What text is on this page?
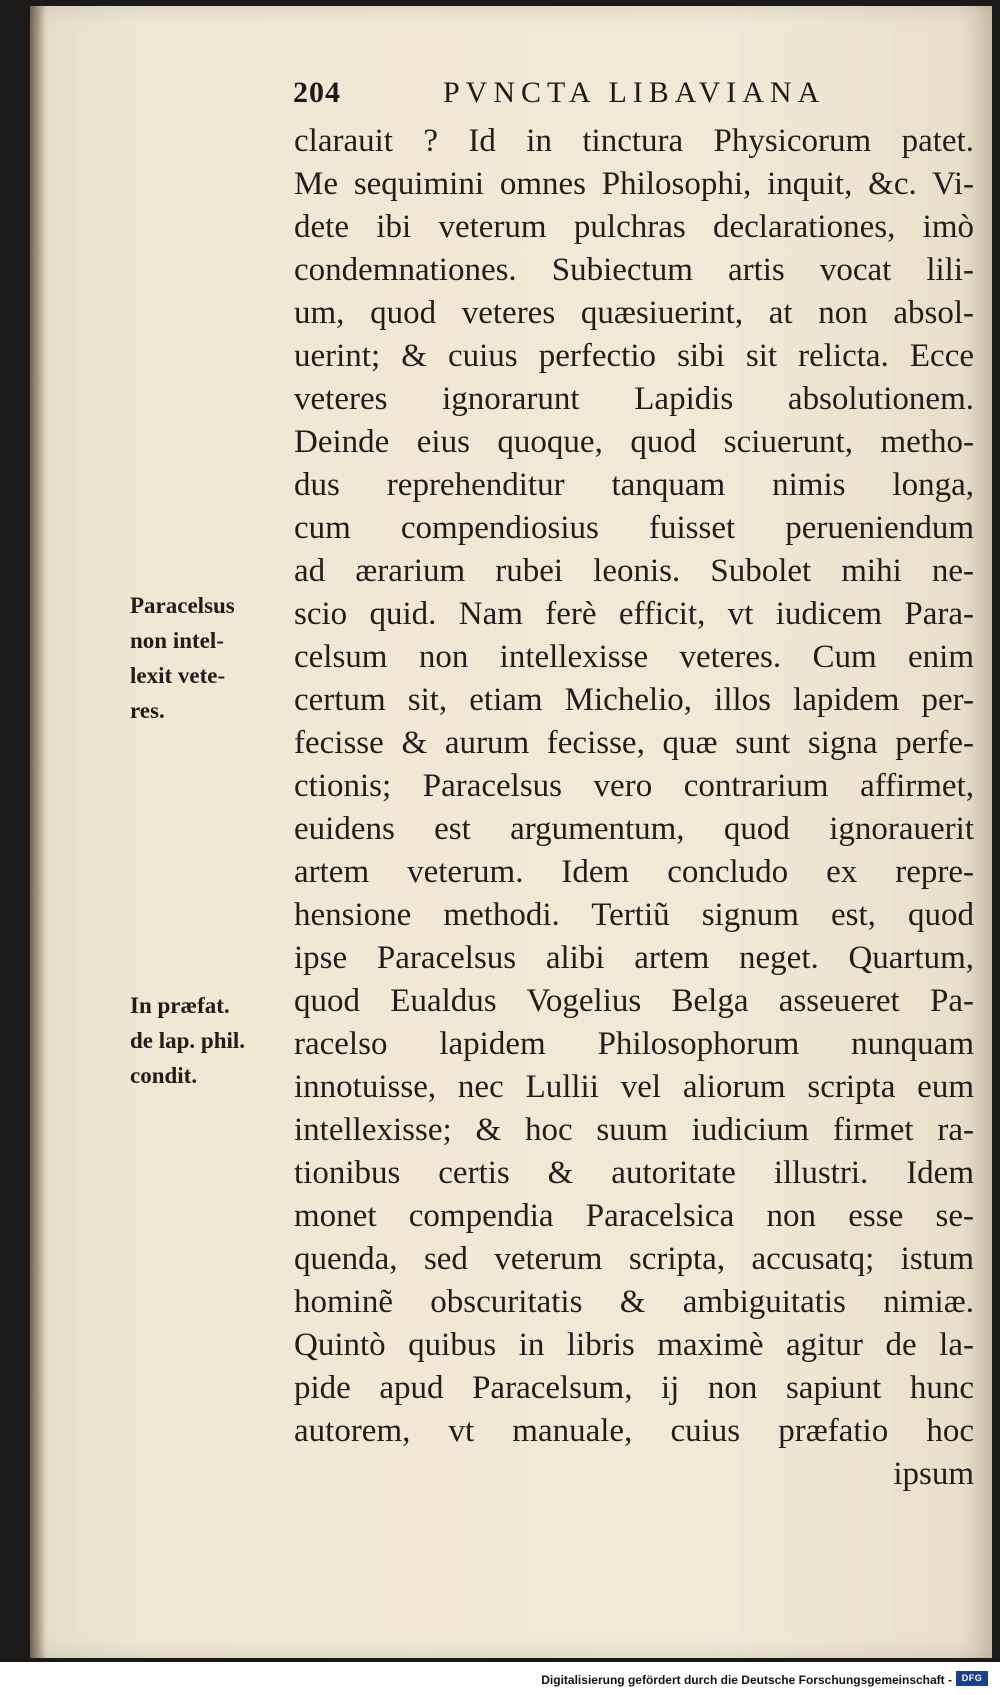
204	PVNCTA LIBAVIANA
clarauit ? Id in tinctura Physicorum patet.
Me sequimini omnes Philosophi, inquit, &c. Vi-
dete ibi veterum pulchras declarationes, imò
condemnationes. Subiectum artis vocat lili-
um, quod veteres quæsiuerint, at non absol-
uerint; & cuius perfectio sibi sit relicta. Ecce
veteres ignorarunt Lapidis absolutionem.
Deinde eius quoque, quod sciuerunt, metho-
dus reprehenditur tanquam nimis longa,
cum compendiosius fuisset perueniendum
ad ærarium rubei leonis. Subolet mihi ne-
scio quid. Nam ferè efficit, vt iudicem Para-
celsum non intellexisse veteres. Cum enim
certum sit, etiam Michelio, illos lapidem per-
fecisse & aurum fecisse, quæ sunt signa perfe-
ctionis; Paracelsus vero contrarium affirmet,
euidens est argumentum, quod ignorauerit
artem veterum. Idem concludo ex repre-
hensione methodi. Tertiũ signum est, quod
ipse Paracelsus alibi artem neget. Quartum,
quod Eualdus Vogelius Belga asseueret Pa-
racelso lapidem Philosophorum nunquam
innotuisse, nec Lullii vel aliorum scripta eum
intellexisse; & hoc suum iudicium firmet ra-
tionibus certis & autoritate illustri. Idem
monet compendia Paracelsica non esse se-
quenda, sed veterum scripta, accusatq; istum
hominẽ obscuritatis & ambiguitatis nimiæ.
Quintò quibus in libris maximè agitur de la-
pide apud Paracelsum, ij non sapiunt hunc
autorem, vt manuale, cuius præfatio hoc
ipsum
Paracelsus
non intel-
lexit vete-
res.
In præfat.
de lap. phil.
condit.
Digitalisierung gefördert durch die Deutsche Forschungsgemeinschaft -	DFG
